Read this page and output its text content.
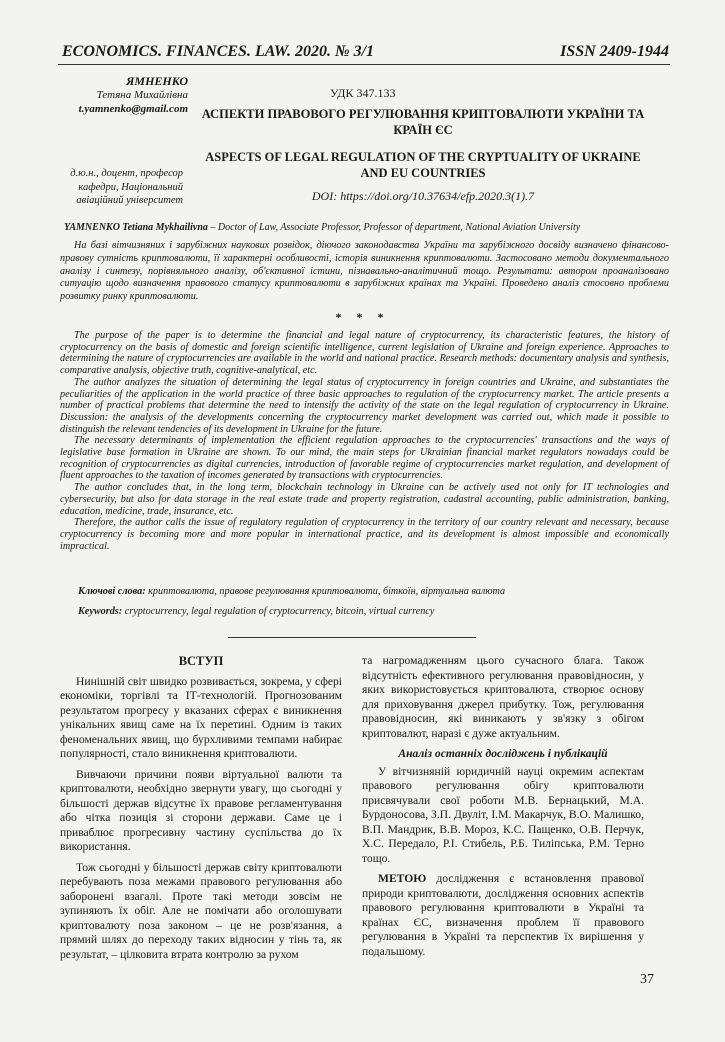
ECONOMICS. FINANCES. LAW. 2020. № 3/1	ISSN 2409-1944
ЯМНЕНКО
Тетяна Михайлівна
t.yamnenko@gmail.com
д.ю.н., доцент, професор кафедри, Національний авіаційний університет
УДК 347.133
АСПЕКТИ ПРАВОВОГО РЕГУЛЮВАННЯ КРИПТОВАЛЮТИ УКРАЇНИ ТА КРАЇН ЄС
ASPECTS OF LEGAL REGULATION OF THE CRYPTUALITY OF UKRAINE AND EU COUNTRIES
DOI: https://doi.org/10.37634/efp.2020.3(1).7
YAMNENKO Tetiana Mykhailivna – Doctor of Law, Associate Professor, Professor of department, National Aviation University

На базі вітчизняних і зарубіжних наукових розвідок, діючого законодавства України та зарубіжного досвіду визначено фінансово-правову сутність криптовалюти, її характерні особливості, історія виникнення криптовалюти. Застосовано методи документального аналізу і синтезу, порівняльного аналізу, об'єктивної істини, пізнавально-аналітичний тощо. Результати: автором проаналізовано ситуацію щодо визначення правового статусу криптовалюти в зарубіжних країнах та Україні. Проведено аналіз стосовно проблеми розвитку ринку криптовалюти.

* * *

The purpose of the paper is to determine the financial and legal nature of cryptocurrency, its characteristic features, the history of cryptocurrency on the basis of domestic and foreign scientific intelligence, current legislation of Ukraine and foreign experience. Approaches to determining the nature of cryptocurrencies are available in the world and national practice. Research methods: documentary analysis and synthesis, comparative analysis, objective truth, cognitive-analytical, etc.

The author analyzes the situation of determining the legal status of cryptocurrency in foreign countries and Ukraine, and substantiates the peculiarities of the application in the world practice of three basic approaches to regulation of the cryptocurrency market. The article presents a number of practical problems that determine the need to intensify the activity of the state on the legal regulation of cryptocurrency in Ukraine. Discussion: the analysis of the developments concerning the cryptocurrency market development was carried out, which made it possible to distinguish the relevant tendencies of its development in Ukraine for the future.

The necessary determinants of implementation the efficient regulation approaches to the cryptocurrencies' transactions and the ways of legislative base formation in Ukraine are shown. To our mind, the main steps for Ukrainian financial market regulators nowadays could be recognition of cryptocurrencies as digital currencies, introduction of favorable regime of cryptocurrencies market regulation, and development of fluent approaches to the taxation of incomes generated by transactions with cryptocurrencies.

The author concludes that, in the long term, blockchain technology in Ukraine can be actively used not only for IT technologies and cybersecurity, but also for data storage in the real estate trade and property registration, cadastral accounting, public administration, banking, education, medicine, trade, insurance, etc.

Therefore, the author calls the issue of regulatory regulation of cryptocurrency in the territory of our country relevant and necessary, because cryptocurrency is becoming more and more popular in international practice, and its development is almost impossible and economically impractical.

Ключові слова: криптовалюта, правове регулювання криптовалюти, біткоїн, віртуальна валюта
Keywords: cryptocurrency, legal regulation of cryptocurrency, bitcoin, virtual currency
ВСТУП

Нинішній світ швидко розвивається, зокрема, у сфері економіки, торгівлі та ІТ-технологій. Прогнозованим результатом прогресу у вказаних сферах є виникнення унікальних явищ саме на їх перетині. Одним із таких феноменальних явищ, що бурхливими темпами набирає популярності, стало виникнення криптовалюти.

Вивчаючи причини появи віртуальної валюти та криптовалюти, необхідно звернути увагу, що сьогодні у більшості держав відсутнє їх правове регламентування або чітка позиція зі сторони держави. Саме це і приваблює прогресивну частину суспільства до їх використання.

Тож сьогодні у більшості держав світу криптовалюти перебувають поза межами правового регулювання або заборонені взагалі. Проте такі методи зовсім не зупиняють їх обіг. Але не помічати або оголошувати криптовалюту поза законом – це не розв'язання, а прямий шлях до переходу таких відносин у тінь та, як результат, – цілковита втрата контролю за рухом

та нагромадженням цього сучасного блага. Також відсутність ефективного регулювання правовідносин, у яких використовується криптовалюта, створює основу для приховування джерел прибутку. Тож, регулювання правовідносин, які виникають у зв'язку з обігом криптовалют, наразі є дуже актуальним.

Аналіз останніх досліджень і публікацій

У вітчизняній юридичній науці окремим аспектам правового регулювання обігу криптовалюти присвячували свої роботи М.В. Бернацький, М.А. Бурдоносова, З.П. Двуліт, І.М. Макарчук, В.О. Малишко, В.П. Мандрик, В.В. Мороз, К.С. Пащенко, О.В. Перчук, Х.С. Передало, Р.І. Стибель, Р.Б. Тилiпська, Р.М. Терно тощо.

МЕТОЮ дослідження є встановлення правової природи криптовалюти, дослідження основних аспектів правового регулювання криптовалюти в Україні та країнах ЄС, визначення проблем її правового регулювання в Україні та перспектив їх вирішення у подальшому.

37
